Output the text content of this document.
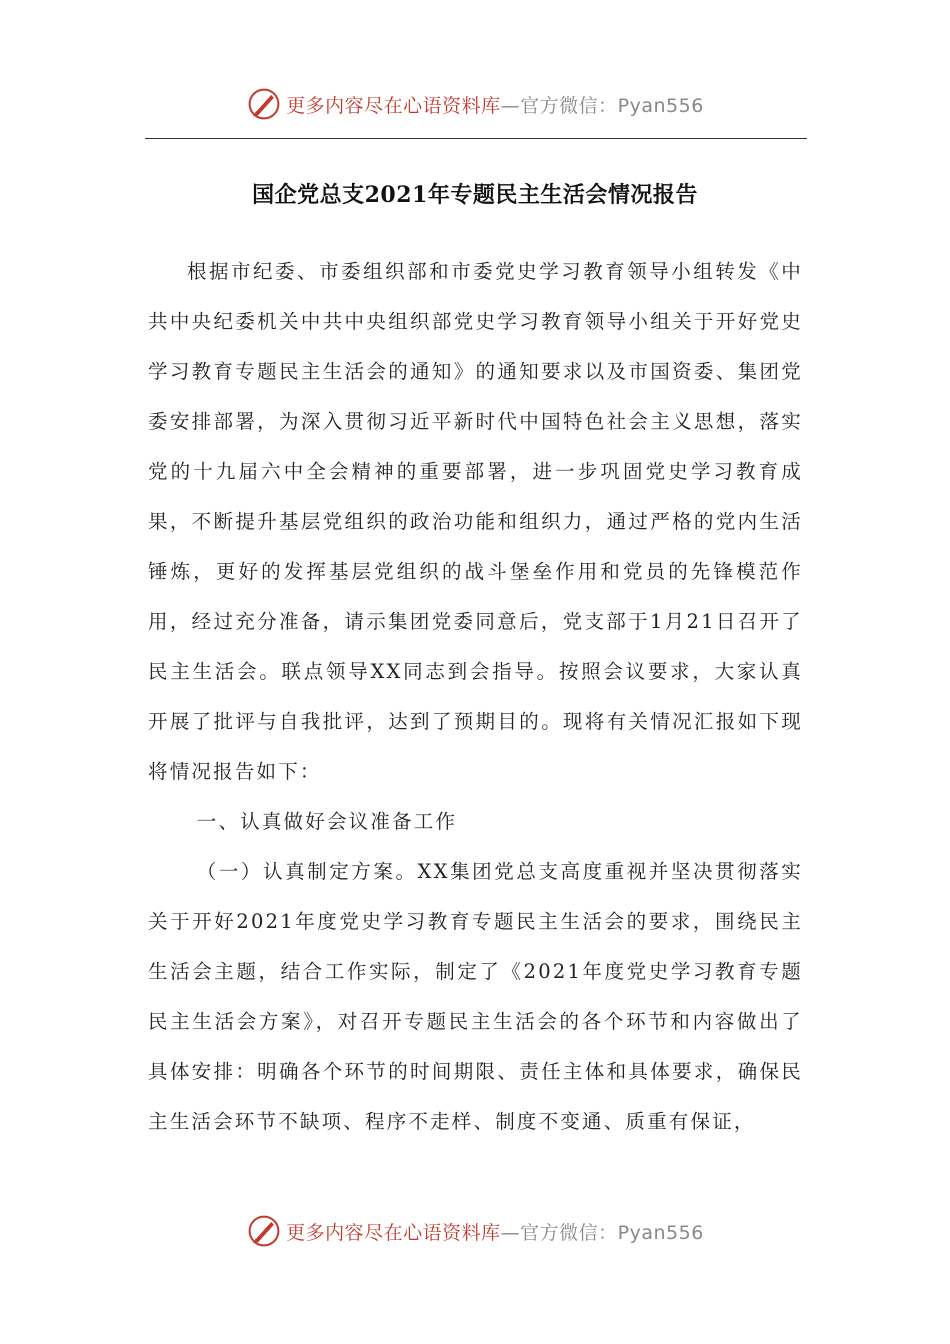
更多内容尽在心语资料库 —官方微信：Pyan556
国企党总支2021年专题民主生活会情况报告

根据市纪委、市委组织部和市委党史学习教育领导小组转发《中共中央纪委机关中共中央组织部党史学习教育领导小组关于开好党史学习教育专题民主生活会的通知》的通知要求以及市国资委、集团党委安排部署，为深入贯彻习近平新时代中国特色社会主义思想，落实党的十九届六中全会精神的重要部署，进一步巩固党史学习教育成果，不断提升基层党组织的政治功能和组织力，通过严格的党内生活锤炼，更好的发挥基层党组织的战斗堡垒作用和党员的先锋模范作用，经过充分准备，请示集团党委同意后，党支部于1月21日召开了民主生活会。联点领导XX同志到会指导。按照会议要求，大家认真开展了批评与自我批评，达到了预期目的。现将有关情况汇报如下现将情况报告如下：

一、认真做好会议准备工作

（一）认真制定方案。XX集团党总支高度重视并坚决贯彻落实关于开好2021年度党史学习教育专题民主生活会的要求，围绕民主生活会主题，结合工作实际，制定了《2021年度党史学习教育专题民主生活会方案》，对召开专题民主生活会的各个环节和内容做出了具体安排：明确各个环节的时间期限、责任主体和具体要求，确保民主生活会环节不缺项、程序不走样、制度不变通、质重有保证，

更多内容尽在心语资料库 —官方微信：Pyan556
